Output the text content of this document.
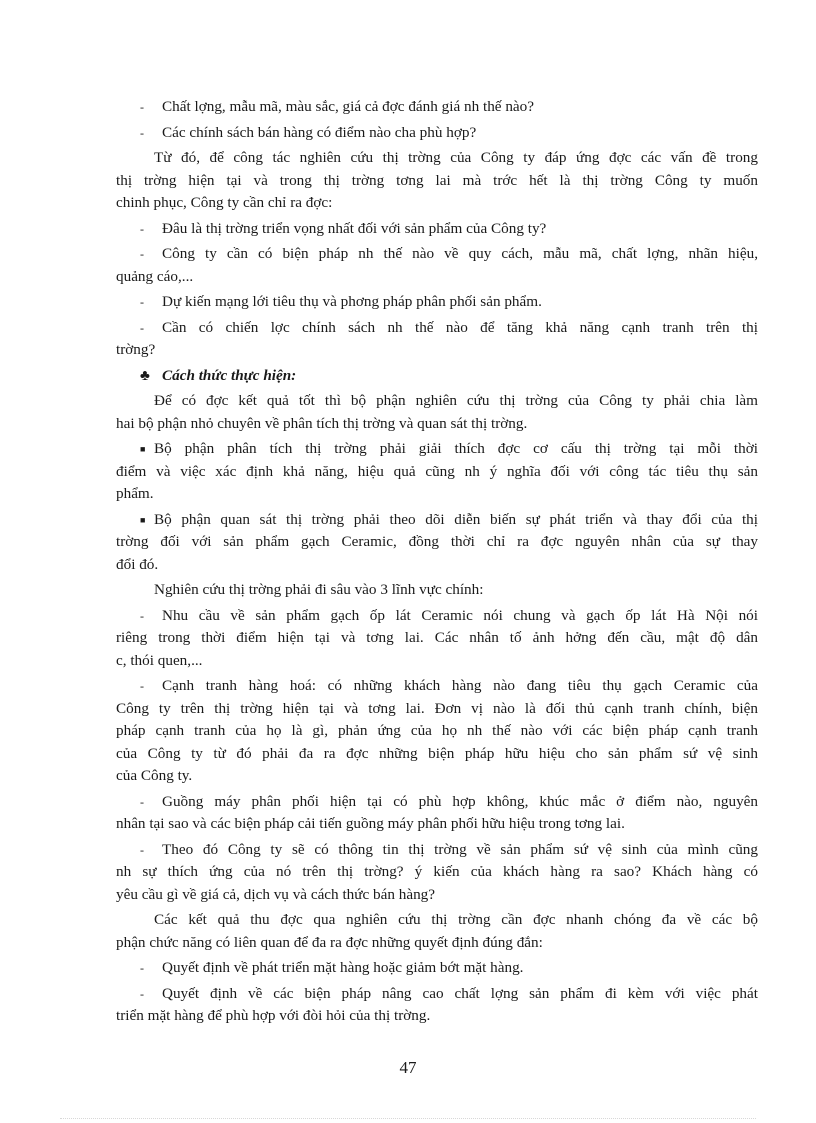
- Chất lợng, mẫu mã, màu sắc, giá cả đợc đánh giá nh thế nào?
- Các chính sách bán hàng có điểm nào cha phù hợp?
Từ đó, để công tác nghiên cứu thị trờng của Công ty đáp ứng đợc các vấn đề trong
thị trờng hiện tại và trong thị trờng tơng lai mà trớc hết là thị trờng Công ty muốn
chinh phục, Công ty cần chỉ ra đợc:
- Đâu là thị trờng triển vọng nhất đối với sản phẩm của Công ty?
- Công ty cần có biện pháp nh thế nào về quy cách, mẫu mã, chất lợng, nhãn hiệu,
quảng cáo,...
- Dự kiến mạng lới tiêu thụ và phơng pháp phân phối sản phẩm.
- Cần có chiến lợc chính sách nh thế nào để tăng khả năng cạnh tranh trên thị
trờng?
♣ Cách thức thực hiện:
Để có đợc kết quả tốt thì bộ phận nghiên cứu thị trờng của Công ty phải chia làm
hai bộ phận nhỏ chuyên về phân tích thị trờng và quan sát thị trờng.
■ Bộ phận phân tích thị trờng phải giải thích đợc cơ cấu thị trờng tại mỗi thời
điểm và việc xác định khả năng, hiệu quả cũng nh ý nghĩa đối với công tác tiêu thụ sản
phẩm.
■ Bộ phận quan sát thị trờng phải theo dõi diễn biến sự phát triển và thay đổi của thị
trờng đối với sản phẩm gạch Ceramic, đồng thời chỉ ra đợc nguyên nhân của sự thay
đổi đó.
Nghiên cứu thị trờng phải đi sâu vào 3 lĩnh vực chính:
- Nhu cầu về sản phẩm gạch ốp lát Ceramic nói chung và gạch ốp lát Hà Nội nói
riêng trong thời điểm hiện tại và tơng lai. Các nhân tố ảnh hởng đến cầu, mật độ dân
c, thói quen,...
- Cạnh tranh hàng hoá: có những khách hàng nào đang tiêu thụ gạch Ceramic của
Công ty trên thị trờng hiện tại và tơng lai. Đơn vị nào là đối thủ cạnh tranh chính, biện
pháp cạnh tranh của họ là gì, phản ứng của họ nh thế nào với các biện pháp cạnh tranh
của Công ty từ đó phải đa ra đợc những biện pháp hữu hiệu cho sản phẩm sứ vệ sinh
của Công ty.
- Guồng máy phân phối hiện tại có phù hợp không, khúc mắc ở điểm nào, nguyên
nhân tại sao và các biện pháp cải tiến guồng máy phân phối hữu hiệu trong tơng lai.
- Theo đó Công ty sẽ có thông tin thị trờng về sản phẩm sứ vệ sinh của mình cũng
nh sự thích ứng của nó trên thị trờng? ý kiến của khách hàng ra sao? Khách hàng có
yêu cầu gì về giá cả, dịch vụ và cách thức bán hàng?
Các kết quả thu đợc qua nghiên cứu thị trờng cần đợc nhanh chóng đa về các bộ
phận chức năng có liên quan để đa ra đợc những quyết định đúng đắn:
- Quyết định về phát triển mặt hàng hoặc giảm bớt mặt hàng.
- Quyết định về các biện pháp nâng cao chất lợng sản phẩm đi kèm với việc phát
triển mặt hàng để phù hợp với đòi hỏi của thị trờng.
47
